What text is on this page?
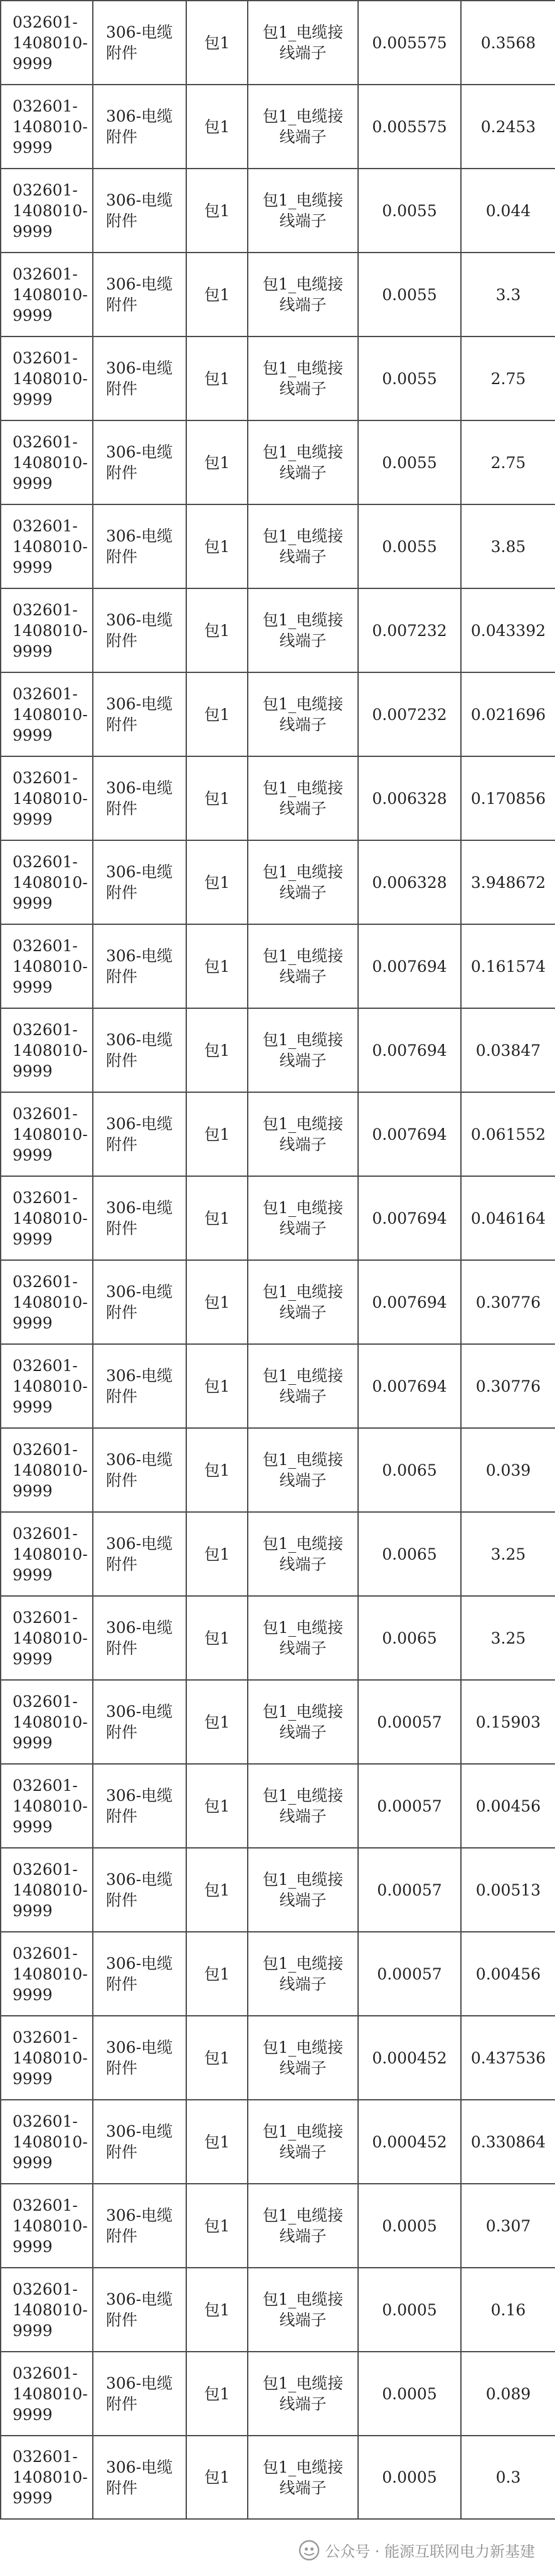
032601-
1408010-
9999	306-电缆
附件	包1	包1_电缆接
线端子	0.005575	0.3568
032601-
1408010-
9999	306-电缆
附件	包1	包1_电缆接
线端子	0.005575	0.2453
032601-
1408010-
9999	306-电缆
附件	包1	包1_电缆接
线端子	0.0055	0.044
032601-
1408010-
9999	306-电缆
附件	包1	包1_电缆接
线端子	0.0055	3.3
032601-
1408010-
9999	306-电缆
附件	包1	包1_电缆接
线端子	0.0055	2.75
032601-
1408010-
9999	306-电缆
附件	包1	包1_电缆接
线端子	0.0055	2.75
032601-
1408010-
9999	306-电缆
附件	包1	包1_电缆接
线端子	0.0055	3.85
032601-
1408010-
9999	306-电缆
附件	包1	包1_电缆接
线端子	0.007232	0.043392
032601-
1408010-
9999	306-电缆
附件	包1	包1_电缆接
线端子	0.007232	0.021696
032601-
1408010-
9999	306-电缆
附件	包1	包1_电缆接
线端子	0.006328	0.170856
032601-
1408010-
9999	306-电缆
附件	包1	包1_电缆接
线端子	0.006328	3.948672
032601-
1408010-
9999	306-电缆
附件	包1	包1_电缆接
线端子	0.007694	0.161574
032601-
1408010-
9999	306-电缆
附件	包1	包1_电缆接
线端子	0.007694	0.03847
032601-
1408010-
9999	306-电缆
附件	包1	包1_电缆接
线端子	0.007694	0.061552
032601-
1408010-
9999	306-电缆
附件	包1	包1_电缆接
线端子	0.007694	0.046164
032601-
1408010-
9999	306-电缆
附件	包1	包1_电缆接
线端子	0.007694	0.30776
032601-
1408010-
9999	306-电缆
附件	包1	包1_电缆接
线端子	0.007694	0.30776
032601-
1408010-
9999	306-电缆
附件	包1	包1_电缆接
线端子	0.0065	0.039
032601-
1408010-
9999	306-电缆
附件	包1	包1_电缆接
线端子	0.0065	3.25
032601-
1408010-
9999	306-电缆
附件	包1	包1_电缆接
线端子	0.0065	3.25
032601-
1408010-
9999	306-电缆
附件	包1	包1_电缆接
线端子	0.00057	0.15903
032601-
1408010-
9999	306-电缆
附件	包1	包1_电缆接
线端子	0.00057	0.00456
032601-
1408010-
9999	306-电缆
附件	包1	包1_电缆接
线端子	0.00057	0.00513
032601-
1408010-
9999	306-电缆
附件	包1	包1_电缆接
线端子	0.00057	0.00456
032601-
1408010-
9999	306-电缆
附件	包1	包1_电缆接
线端子	0.000452	0.437536
032601-
1408010-
9999	306-电缆
附件	包1	包1_电缆接
线端子	0.000452	0.330864
032601-
1408010-
9999	306-电缆
附件	包1	包1_电缆接
线端子	0.0005	0.307
032601-
1408010-
9999	306-电缆
附件	包1	包1_电缆接
线端子	0.0005	0.16
032601-
1408010-
9999	306-电缆
附件	包1	包1_电缆接
线端子	0.0005	0.089
032601-
1408010-
9999	306-电缆
附件	包1	包1_电缆接
线端子	0.0005	0.3
公众号 · 能源互联网电力新基建
